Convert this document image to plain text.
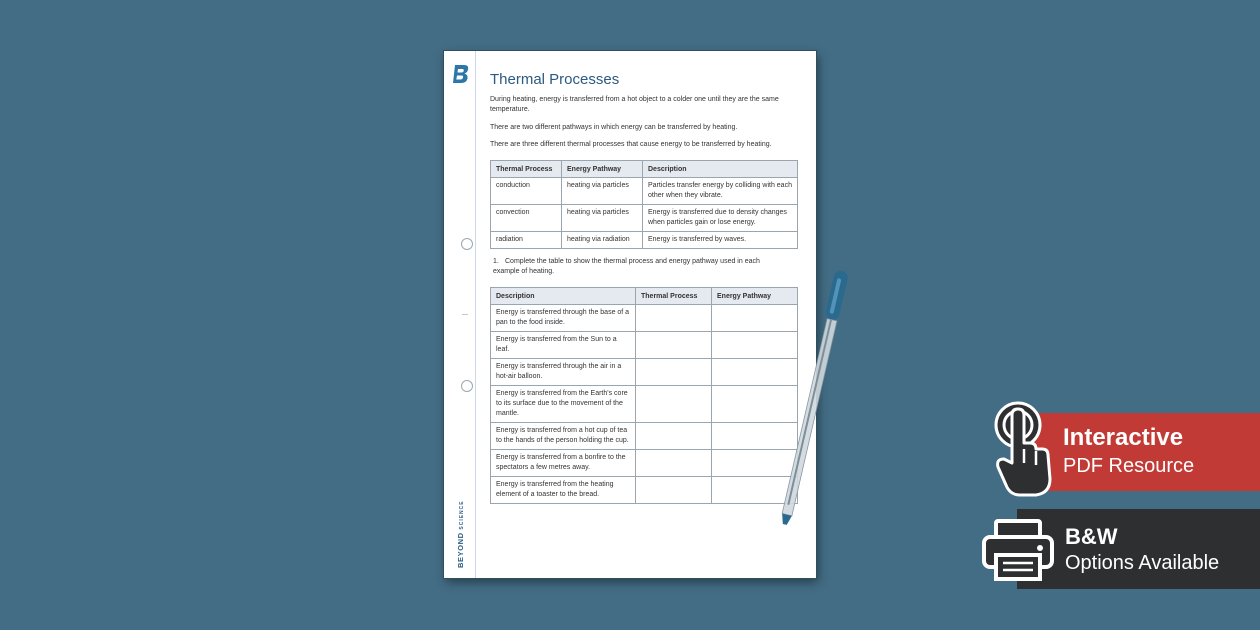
BEYOND SCIENCE
Thermal Processes

During heating, energy is transferred from a hot object to a colder one until they are the same temperature.

There are two different pathways in which energy can be transferred by heating.

There are three different thermal processes that cause energy to be transferred by heating.

Thermal Process	Energy Pathway	Description
conduction	heating via particles	Particles transfer energy by colliding with each other when they vibrate.
convection	heating via particles	Energy is transferred due to density changes when particles gain or lose energy.
radiation	heating via radiation	Energy is transferred by waves.

1. Complete the table to show the thermal process and energy pathway used in each example of heating.

Description	Thermal Process	Energy Pathway
Energy is transferred through the base of a pan to the food inside.		
Energy is transferred from the Sun to a leaf.		
Energy is transferred through the air in a hot-air balloon.		
Energy is transferred from the Earth's core to its surface due to the movement of the mantle.		
Energy is transferred from a hot cup of tea to the hands of the person holding the cup.		
Energy is transferred from a bonfire to the spectators a few metres away.		
Energy is transferred from the heating element of a toaster to the bread.		
Interactive
PDF Resource
B&W
Options Available
